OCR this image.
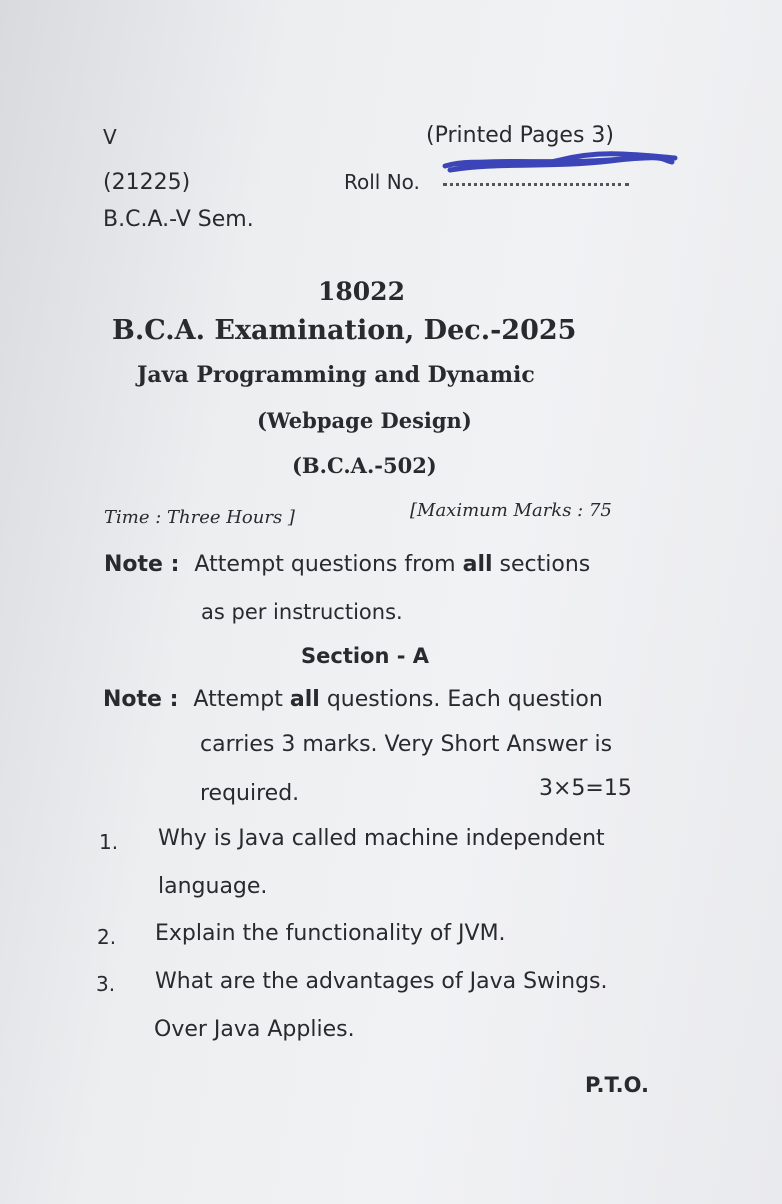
V	(Printed Pages 3)
(21225)	Roll No.
B.C.A.-V Sem.
18022
B.C.A. Examination, Dec.-2025
Java Programming and Dynamic
(Webpage Design)
(B.C.A.-502)
Time : Three Hours ]	[Maximum Marks : 75
Note : Attempt questions from all sections
as per instructions.
Section - A
Note : Attempt all questions. Each question
carries 3 marks. Very Short Answer is
required.	3×5=15
1. Why is Java called machine independent
language.
2. Explain the functionality of JVM.
3. What are the advantages of Java Swings.
Over Java Applies.
P.T.O.
